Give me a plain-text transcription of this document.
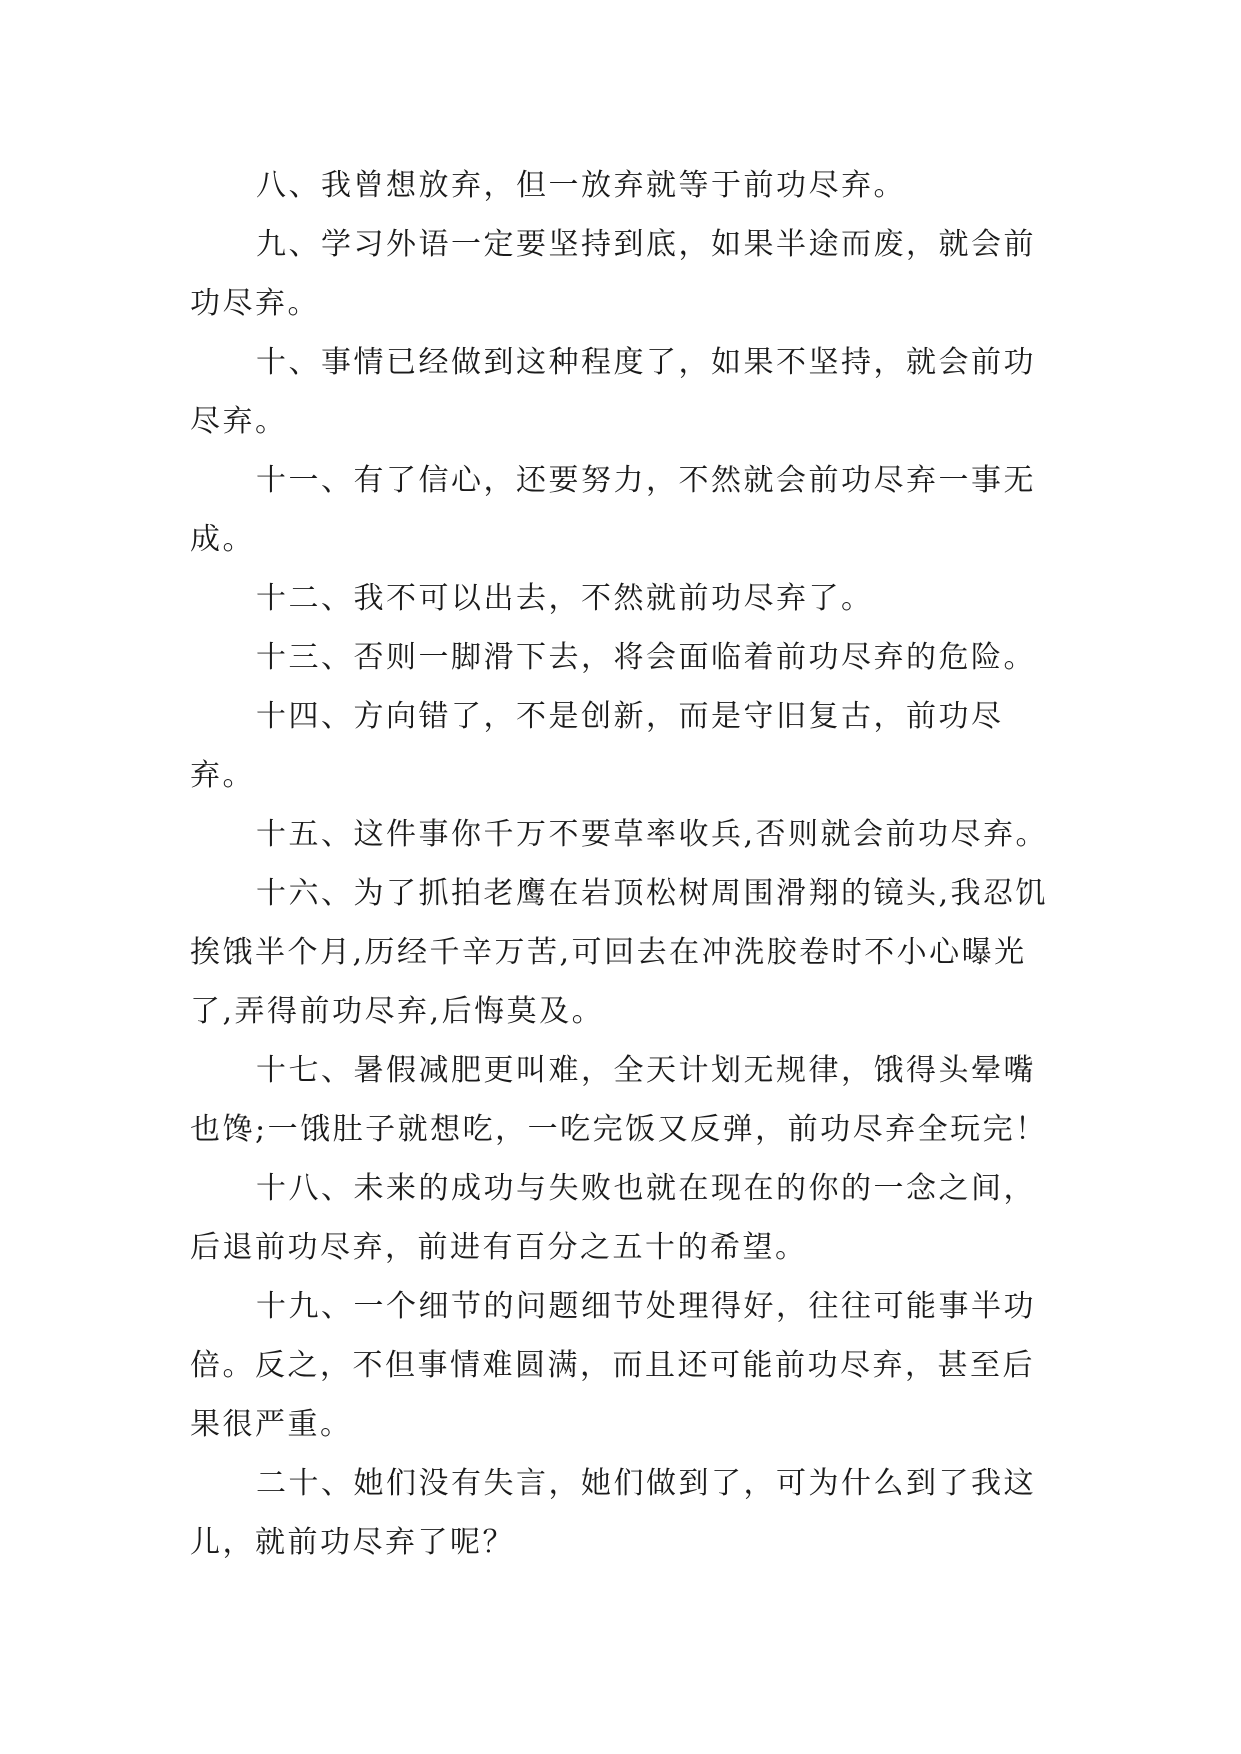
八、我曾想放弃，但一放弃就等于前功尽弃。

九、学习外语一定要坚持到底，如果半途而废，就会前功尽弃。

十、事情已经做到这种程度了，如果不坚持，就会前功尽弃。

十一、有了信心，还要努力，不然就会前功尽弃一事无成。

十二、我不可以出去，不然就前功尽弃了。

十三、否则一脚滑下去，将会面临着前功尽弃的危险。

十四、方向错了，不是创新，而是守旧复古，前功尽弃。

十五、这件事你千万不要草率收兵,否则就会前功尽弃。

十六、为了抓拍老鹰在岩顶松树周围滑翔的镜头,我忍饥挨饿半个月,历经千辛万苦,可回去在冲洗胶卷时不小心曝光了,弄得前功尽弃,后悔莫及。

十七、暑假减肥更叫难，全天计划无规律，饿得头晕嘴也馋;一饿肚子就想吃，一吃完饭又反弹，前功尽弃全玩完！

十八、未来的成功与失败也就在现在的你的一念之间，后退前功尽弃，前进有百分之五十的希望。

十九、一个细节的问题细节处理得好，往往可能事半功倍。反之，不但事情难圆满，而且还可能前功尽弃，甚至后果很严重。

二十、她们没有失言，她们做到了，可为什么到了我这儿，就前功尽弃了呢？
